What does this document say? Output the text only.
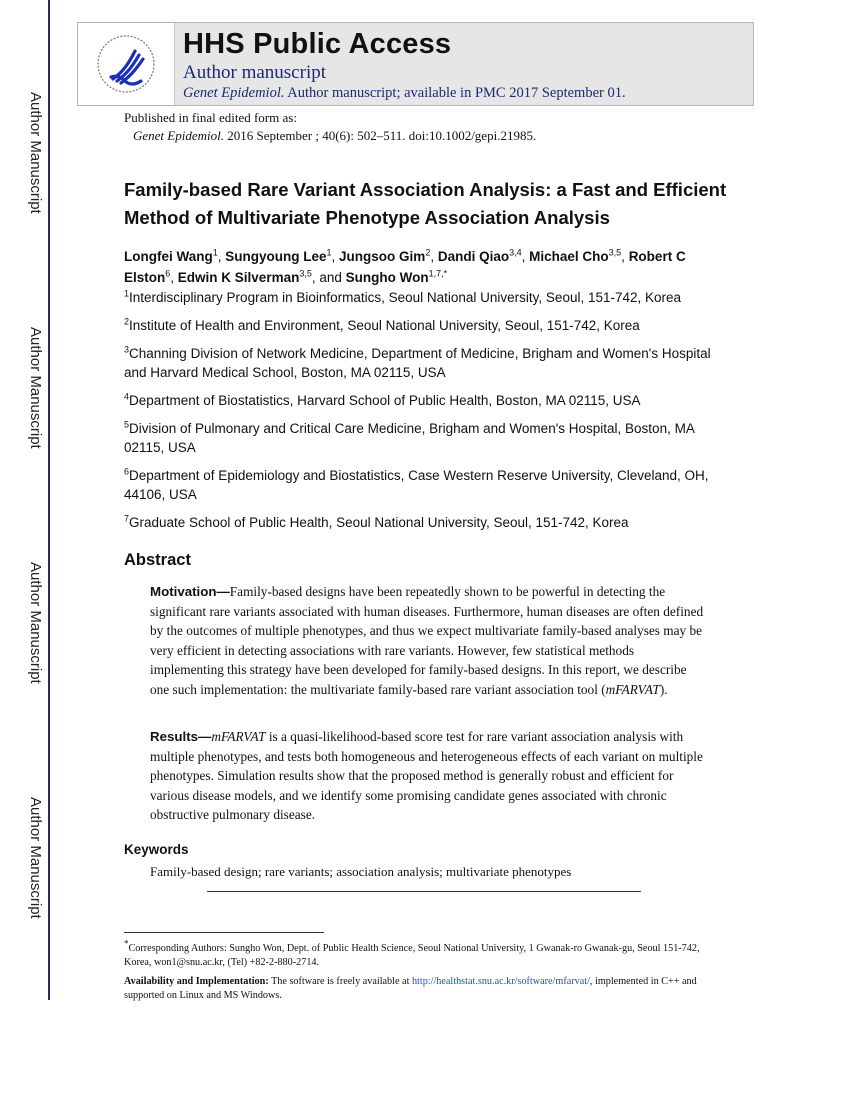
Author Manuscript
Author Manuscript
Author Manuscript
Author Manuscript
HHS Public Access
Author manuscript
Genet Epidemiol. Author manuscript; available in PMC 2017 September 01.
Published in final edited form as:
Genet Epidemiol. 2016 September ; 40(6): 502–511. doi:10.1002/gepi.21985.
Family-based Rare Variant Association Analysis: a Fast and Efficient Method of Multivariate Phenotype Association Analysis
Longfei Wang$^1$, Sungyoung Lee$^1$, Jungsoo Gim$^2$, Dandi Qiao$^{3,4}$, Michael Cho$^{3,5}$, Robert C Elston$^6$, Edwin K Silverman$^{3,5}$, and Sungho Won$^{1,7,*}$
$^1$Interdisciplinary Program in Bioinformatics, Seoul National University, Seoul, 151-742, Korea
$^2$Institute of Health and Environment, Seoul National University, Seoul, 151-742, Korea
$^3$Channing Division of Network Medicine, Department of Medicine, Brigham and Women's Hospital and Harvard Medical School, Boston, MA 02115, USA
$^4$Department of Biostatistics, Harvard School of Public Health, Boston, MA 02115, USA
$^5$Division of Pulmonary and Critical Care Medicine, Brigham and Women's Hospital, Boston, MA 02115, USA
$^6$Department of Epidemiology and Biostatistics, Case Western Reserve University, Cleveland, OH, 44106, USA
$^7$Graduate School of Public Health, Seoul National University, Seoul, 151-742, Korea
Abstract
Motivation—Family-based designs have been repeatedly shown to be powerful in detecting the significant rare variants associated with human diseases. Furthermore, human diseases are often defined by the outcomes of multiple phenotypes, and thus we expect multivariate family-based analyses may be very efficient in detecting associations with rare variants. However, few statistical methods implementing this strategy have been developed for family-based designs. In this report, we describe one such implementation: the multivariate family-based rare variant association tool (mFARVAT).
Results—mFARVAT is a quasi-likelihood-based score test for rare variant association analysis with multiple phenotypes, and tests both homogeneous and heterogeneous effects of each variant on multiple phenotypes. Simulation results show that the proposed method is generally robust and efficient for various disease models, and we identify some promising candidate genes associated with chronic obstructive pulmonary disease.
Keywords
Family-based design; rare variants; association analysis; multivariate phenotypes

*Corresponding Authors: Sungho Won, Dept. of Public Health Science, Seoul National University, 1 Gwanak-ro Gwanak-gu, Seoul 151-742, Korea, won1@snu.ac.kr, (Tel) +82-2-880-2714.

Availability and Implementation: The software is freely available at http://healthstat.snu.ac.kr/software/mfarvat/, implemented in C++ and supported on Linux and MS Windows.
